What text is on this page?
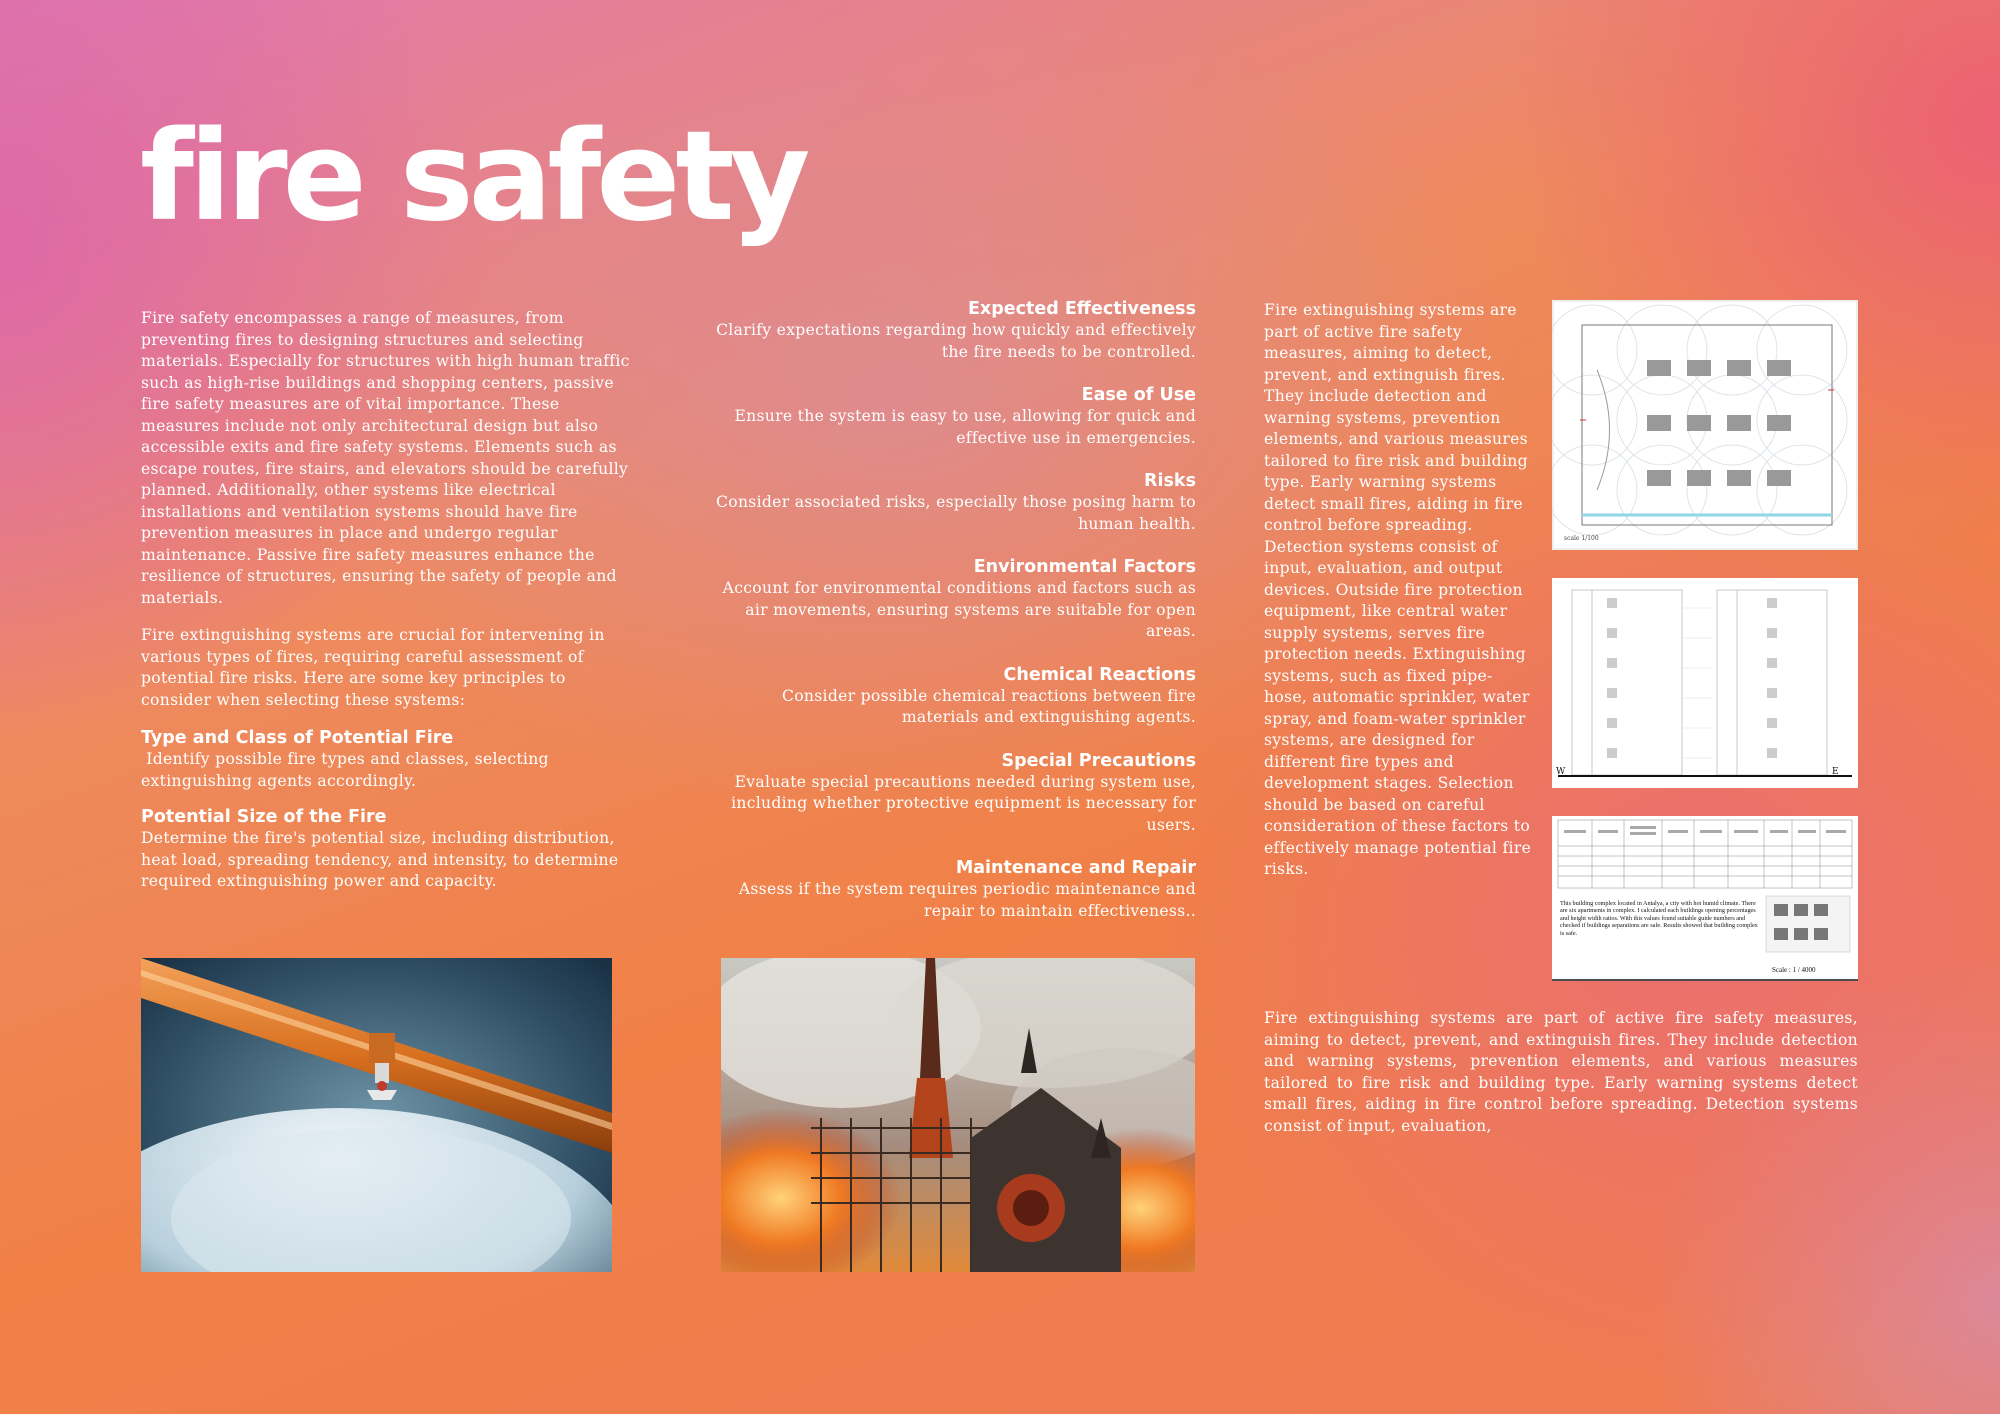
fire safety

Fire safety encompasses a range of measures, from preventing fires to designing structures and selecting materials. Especially for structures with high human traffic such as high-rise buildings and shopping centers, passive fire safety measures are of vital importance. These measures include not only architectural design but also accessible exits and fire safety systems. Elements such as escape routes, fire stairs, and elevators should be carefully planned. Additionally, other systems like electrical installations and ventilation systems should have fire prevention measures in place and undergo regular maintenance. Passive fire safety measures enhance the resilience of structures, ensuring the safety of people and materials.

Fire extinguishing systems are crucial for intervening in various types of fires, requiring careful assessment of potential fire risks. Here are some key principles to consider when selecting these systems:

Type and Class of Potential Fire

Identify possible fire types and classes, selecting extinguishing agents accordingly.

Potential Size of the Fire

Determine the fire's potential size, including distribution, heat load, spreading tendency, and intensity, to determine required extinguishing power and capacity.

Expected Effectiveness

Clarify expectations regarding how quickly and effectively the fire needs to be controlled.

Ease of Use

Ensure the system is easy to use, allowing for quick and effective use in emergencies.

Risks

Consider associated risks, especially those posing harm to human health.

Environmental Factors

Account for environmental conditions and factors such as air movements, ensuring systems are suitable for open areas.

Chemical Reactions

Consider possible chemical reactions between fire materials and extinguishing agents.

Special Precautions

Evaluate special precautions needed during system use, including whether protective equipment is necessary for users.

Maintenance and Repair

Assess if the system requires periodic maintenance and repair to maintain effectiveness..

Fire extinguishing systems are part of active fire safety measures, aiming to detect, prevent, and extinguish fires. They include detection and warning systems, prevention elements, and various measures tailored to fire risk and building type. Early warning systems detect small fires, aiding in fire control before spreading. Detection systems consist of input, evaluation, and output devices. Outside fire protection equipment, like central water supply systems, serves fire protection needs. Extinguishing systems, such as fixed pipe-hose, automatic sprinkler, water spray, and foam-water sprinkler systems, are designed for different fire types and development stages. Selection should be based on careful consideration of these factors to effectively manage potential fire risks.

Fire extinguishing systems are part of active fire safety measures, aiming to detect, prevent, and extinguish fires. They include detection and warning systems, prevention elements, and various measures tailored to fire risk and building type. Early warning systems detect small fires, aiding in fire control before spreading. Detection systems consist of input, evaluation,

scale 1/100
W	E
This building complex located in Antalya, a city with hot humid climate. There are six apartments in complex. I calculated each buildings opening percentages and height width ratios. With this values found suitable guide numbers and checked if buildings separations are safe. Results showed that building complex is safe.
Scale : 1 / 4000
